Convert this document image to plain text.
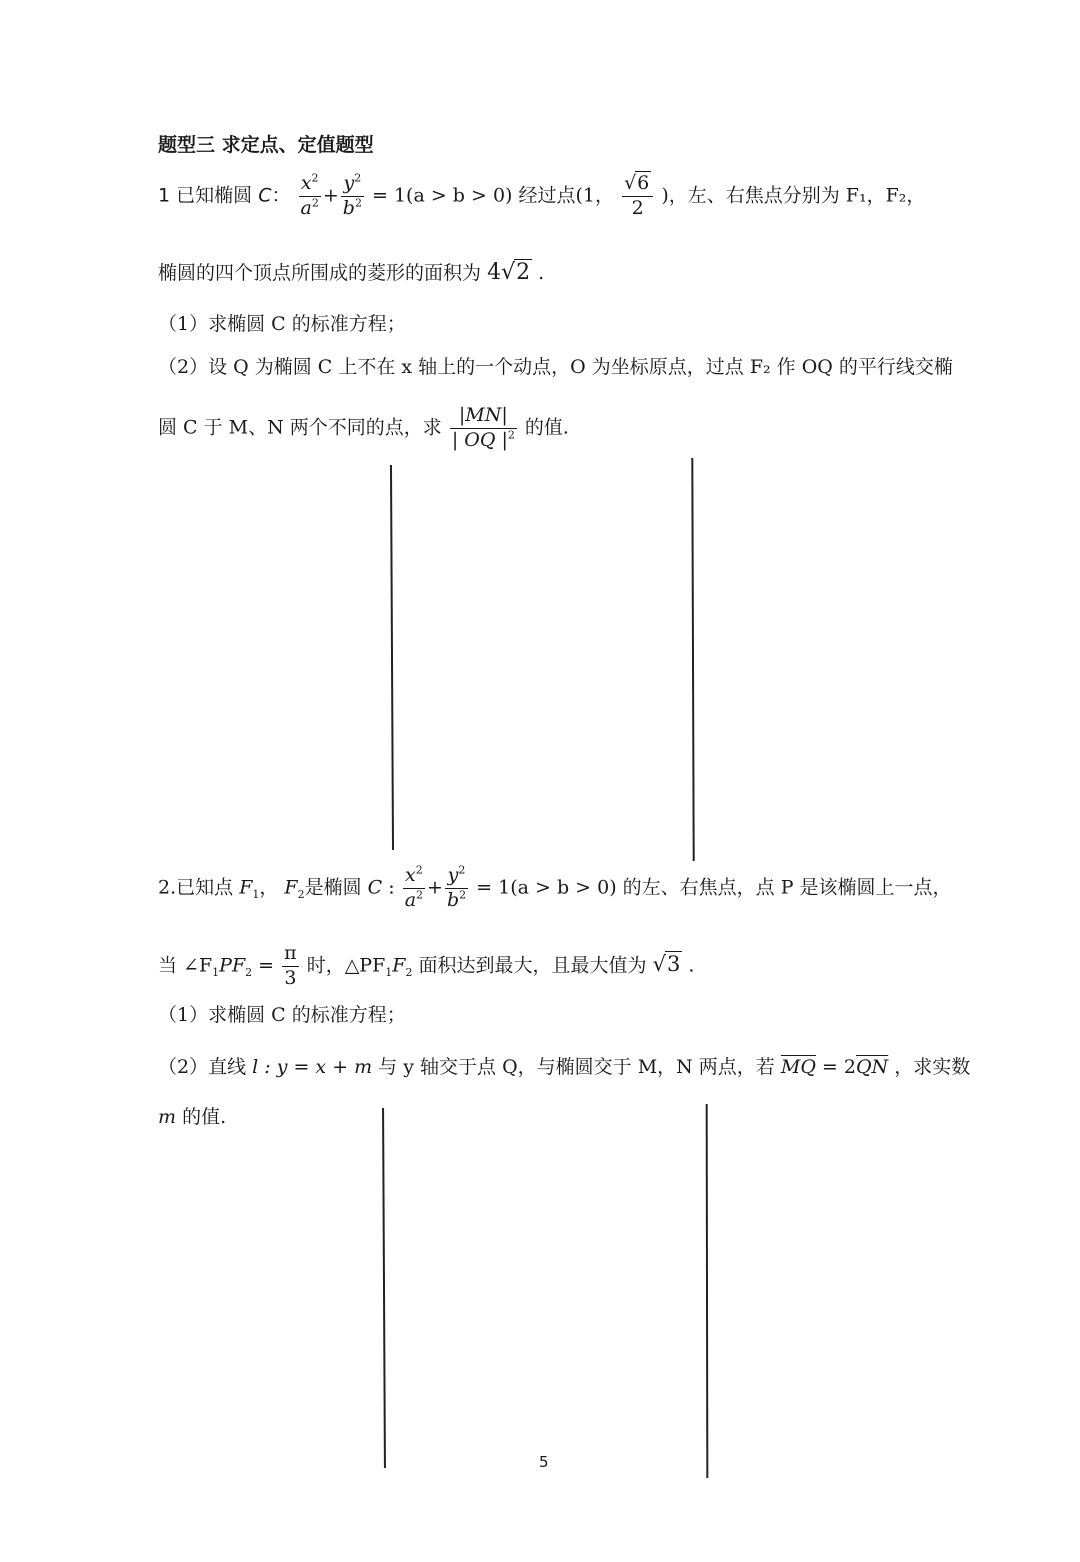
题型三 求定点、定值题型
1 已知椭圆 C： $\frac{x^2}{a^2} + \frac{y^2}{b^2} = 1(a > b > 0)$ 经过点(1， $\frac{√6}{2}$ )，左、右焦点分别为 F₁，F₂，
椭圆的四个顶点所围成的菱形的面积为 4√2 .
（1）求椭圆 C 的标准方程；
（2）设 Q 为椭圆 C 上不在 x 轴上的一个动点，O 为坐标原点，过点 F₂ 作 OQ 的平行线交椭
圆 C 于 M、N 两个不同的点，求 $\frac{|MN|}{| OQ |^2}$ 的值.
2.已知点 $F_1$， $F_2$是椭圆 C : $\frac{x^2}{a^2} + \frac{y^2}{b^2} = 1(a > b > 0)$ 的左、右焦点，点 P 是该椭圆上一点，
当 $\angle F_1PF_2 = \frac{\pi}{3}$ 时，$\triangle PF_1F_2$ 面积达到最大，且最大值为 √3 .
（1）求椭圆 C 的标准方程；
（2）直线 l : y = x + m 与 y 轴交于点 Q，与椭圆交于 M，N 两点，若 $\overline{MQ} = 2\overline{QN}$ ，求实数
m 的值.
5
